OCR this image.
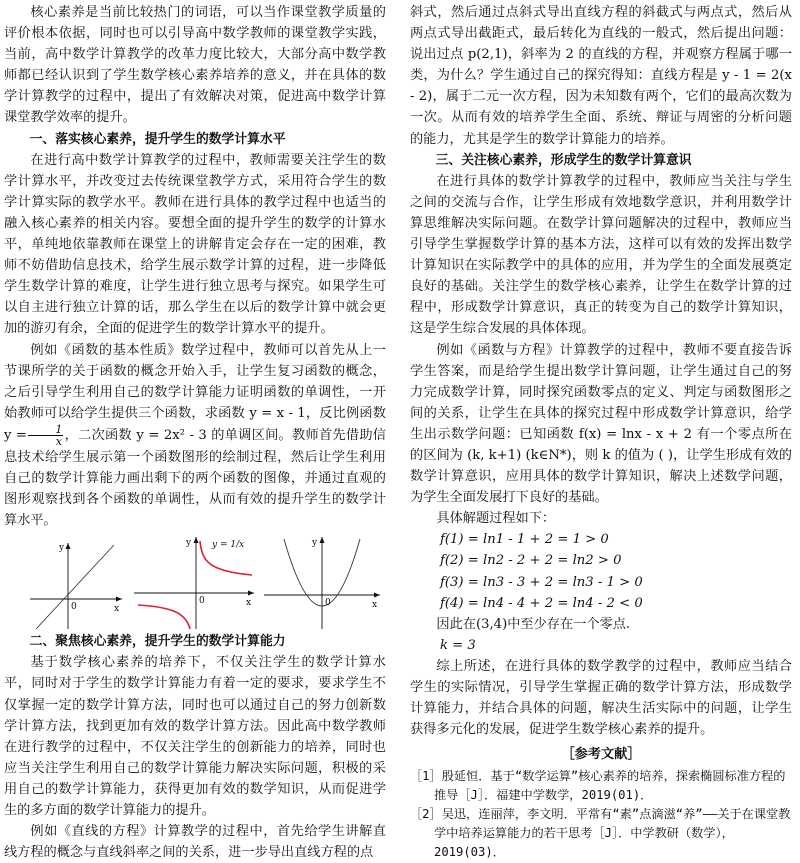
核心素养是当前比较热门的词语，可以当作课堂教学质量的评价根本依据，同时也可以引导高中数学教师的课堂教学实践，当前，高中数学计算教学的改革力度比较大，大部分高中数学教师都已经认识到了学生数学核心素养培养的意义，并在具体的数学计算教学的过程中，提出了有效解决对策，促进高中数学计算课堂教学效率的提升。

一、落实核心素养，提升学生的数学计算水平

在进行高中数学计算教学的过程中，教师需要关注学生的数学计算水平，并改变过去传统课堂教学方式，采用符合学生的数学计算实际的教学水平。教师在进行具体的教学过程中也适当的融入核心素养的相关内容。要想全面的提升学生的数学的计算水平，单纯地依靠教师在课堂上的讲解肯定会存在一定的困难，教师不妨借助信息技术，给学生展示数学计算的过程，进一步降低学生数学计算的难度，让学生进行独立思考与探究。如果学生可以自主进行独立计算的话，那么学生在以后的数学计算中就会更加的游刃有余，全面的促进学生的数学计算水平的提升。

例如《函数的基本性质》数学过程中，教师可以首先从上一节课所学的关于函数的概念开始入手，让学生复习函数的概念，之后引导学生利用自己的数学计算能力证明函数的单调性，一开始教师可以给学生提供三个函数，求函数 y = x - 1，反比例函数 $y = \frac{1}{x}$ ，二次函数 y = 2x² - 3 的单调区间。教师首先借助信息技术给学生展示第一个函数图形的绘制过程，然后让学生利用自己的数学计算能力画出剩下的两个函数的图像，并通过直观的图形观察找到各个函数的单调性，从而有效的提升学生的数学计算水平。

y
0	x
y y = 1/x
0	x
y
0	x

二、聚焦核心素养，提升学生的数学计算能力

基于数学核心素养的培养下，不仅关注学生的数学计算水平，同时对于学生的数学计算能力有着一定的要求，要求学生不仅掌握一定的数学计算方法，同时也可以通过自己的努力创新数学计算方法，找到更加有效的数学计算方法。因此高中数学教师在进行教学的过程中，不仅关注学生的创新能力的培养，同时也应当关注学生利用自己的数学计算能力解决实际问题，积极的采用自己的数学计算能力，获得更加有效的数学知识，从而促进学生的多方面的数学计算能力的提升。

例如《直线的方程》计算教学的过程中，首先给学生讲解直线方程的概念与直线斜率之间的关系，进一步导出直线方程的点

斜式，然后通过点斜式导出直线方程的斜截式与两点式，然后从两点式导出截距式，最后转化为直线的一般式，然后提出问题：说出过点 p(2,1)，斜率为 2 的直线的方程，并观察方程属于哪一类，为什么？学生通过自己的探究得知：直线方程是 y - 1 = 2(x - 2)，属于二元一次方程，因为未知数有两个，它们的最高次数为一次。从而有效的培养学生全面、系统、辩证与周密的分析问题的能力，尤其是学生的数学计算能力的培养。

三、关注核心素养，形成学生的数学计算意识

在进行具体的数学计算教学的过程中，教师应当关注与学生之间的交流与合作，让学生形成有效地数学意识，并利用数学计算思维解决实际问题。在数学计算问题解决的过程中，教师应当引导学生掌握数学计算的基本方法，这样可以有效的发挥出数学计算知识在实际教学中的具体的应用，并为学生的全面发展奠定良好的基础。关注学生的数学核心素养，让学生在数学计算的过程中，形成数学计算意识，真正的转变为自己的数学计算知识，这是学生综合发展的具体体现。

例如《函数与方程》计算教学的过程中，教师不要直接告诉学生答案，而是给学生提出数学计算问题，让学生通过自己的努力完成数学计算，同时探究函数零点的定义、判定与函数图形之间的关系，让学生在具体的探究过程中形成数学计算意识，给学生出示数学问题：已知函数 f(x) = lnx - x + 2 有一个零点所在的区间为 (k, k+1) (k∈N*)，则 k 的值为 ( )，让学生形成有效的数学计算意识，应用具体的数学计算知识，解决上述数学问题，为学生全面发展打下良好的基础。

具体解题过程如下：

f(1) = ln1 - 1 + 2 = 1 > 0

f(2) = ln2 - 2 + 2 = ln2 > 0

f(3) = ln3 - 3 + 2 = ln3 - 1 > 0

f(4) = ln4 - 4 + 2 = ln4 - 2 < 0

因此在(3,4)中至少存在一个零点.

k = 3

综上所述，在进行具体的数学教学的过程中，教师应当结合学生的实际情况，引导学生掌握正确的数学计算方法，形成数学计算能力，并结合具体的问题，解决生活实际中的问题，让学生获得多元化的发展，促进学生数学核心素养的提升。

［参考文献］

［1］殷延恒．基于“数学运算”核心素养的培养，探索椭圆标准方程的推导［J］．福建中学数学，2019(01)．

［2］吴迅，连丽萍，李文明．平常有“素”点滴滋“养”——关于在课堂教学中培养运算能力的若干思考［J］．中学教研（数学），2019(03)．
